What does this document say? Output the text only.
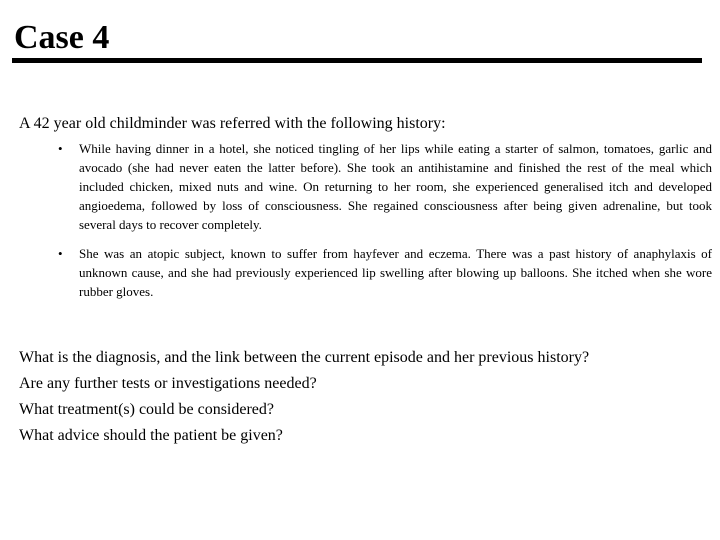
Case 4

A 42 year old childminder was referred with the following history:

• While having dinner in a hotel, she noticed tingling of her lips while eating a starter of salmon, tomatoes, garlic and avocado (she had never eaten the latter before). She took an antihistamine and finished the rest of the meal which included chicken, mixed nuts and wine. On returning to her room, she experienced generalised itch and developed angioedema, followed by loss of consciousness. She regained consciousness after being given adrenaline, but took several days to recover completely.
• She was an atopic subject, known to suffer from hayfever and eczema. There was a past history of anaphylaxis of unknown cause, and she had previously experienced lip swelling after blowing up balloons. She itched when she wore rubber gloves.
What is the diagnosis, and the link between the current episode and her previous history?
Are any further tests or investigations needed?
What treatment(s) could be considered?
What advice should the patient be given?
